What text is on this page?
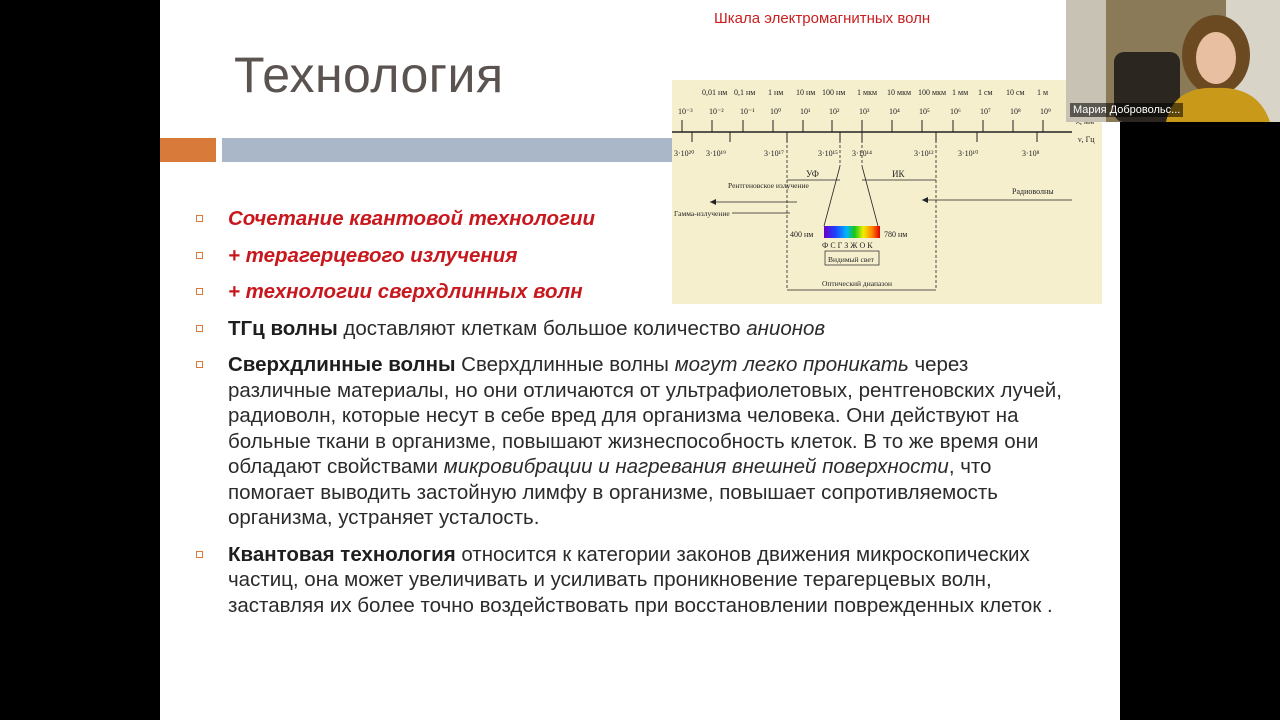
Технология
Шкала электромагнитных волн
0,01 нм 0,1 нм 1 нм 10 нм 100 нм 1 мкм 10 мкм 100 мкм 1 мм 1 см 10 см 1 м
10⁻³ 10⁻² 10⁻¹ 10⁰ 10¹ 10² 10³ 10⁴ 10⁵	10⁶ 10⁷ 10⁸ 10⁹
ν, Гц
3·10²⁰ 3·10¹⁹	3·10¹⁷	3·10¹⁵ 3·10¹⁴	3·10¹²	3·10¹⁰	3·10⁸
УФ	ИК
Рентгеновское излучение
Гамма-излучение
Радиоволны
400 нм	780 нм
Ф С Г З Ж О К
Видимый свет
Оптический диапазон
Сочетание квантовой технологии
+ терагерцевого излучения
+ технологии сверхдлинных волн
ТГц волны доставляют клеткам большое количество анионов
Сверхдлинные волны Сверхдлинные волны могут легко проникать через различные материалы, но они отличаются от ультрафиолетовых, рентгеновских лучей, радиоволн, которые несут в себе вред для организма человека. Они действуют на больные ткани в организме, повышают жизнеспособность клеток. В то же время они обладают свойствами микровибрации и нагревания внешней поверхности, что помогает выводить застойную лимфу в организме, повышает сопротивляемость организма, устраняет усталость.
Квантовая технология относится к категории законов движения микроскопических частиц, она может увеличивать и усиливать проникновение терагерцевых волн, заставляя их более точно воздействовать при восстановлении поврежденных клеток .
Мария Добровольс...
